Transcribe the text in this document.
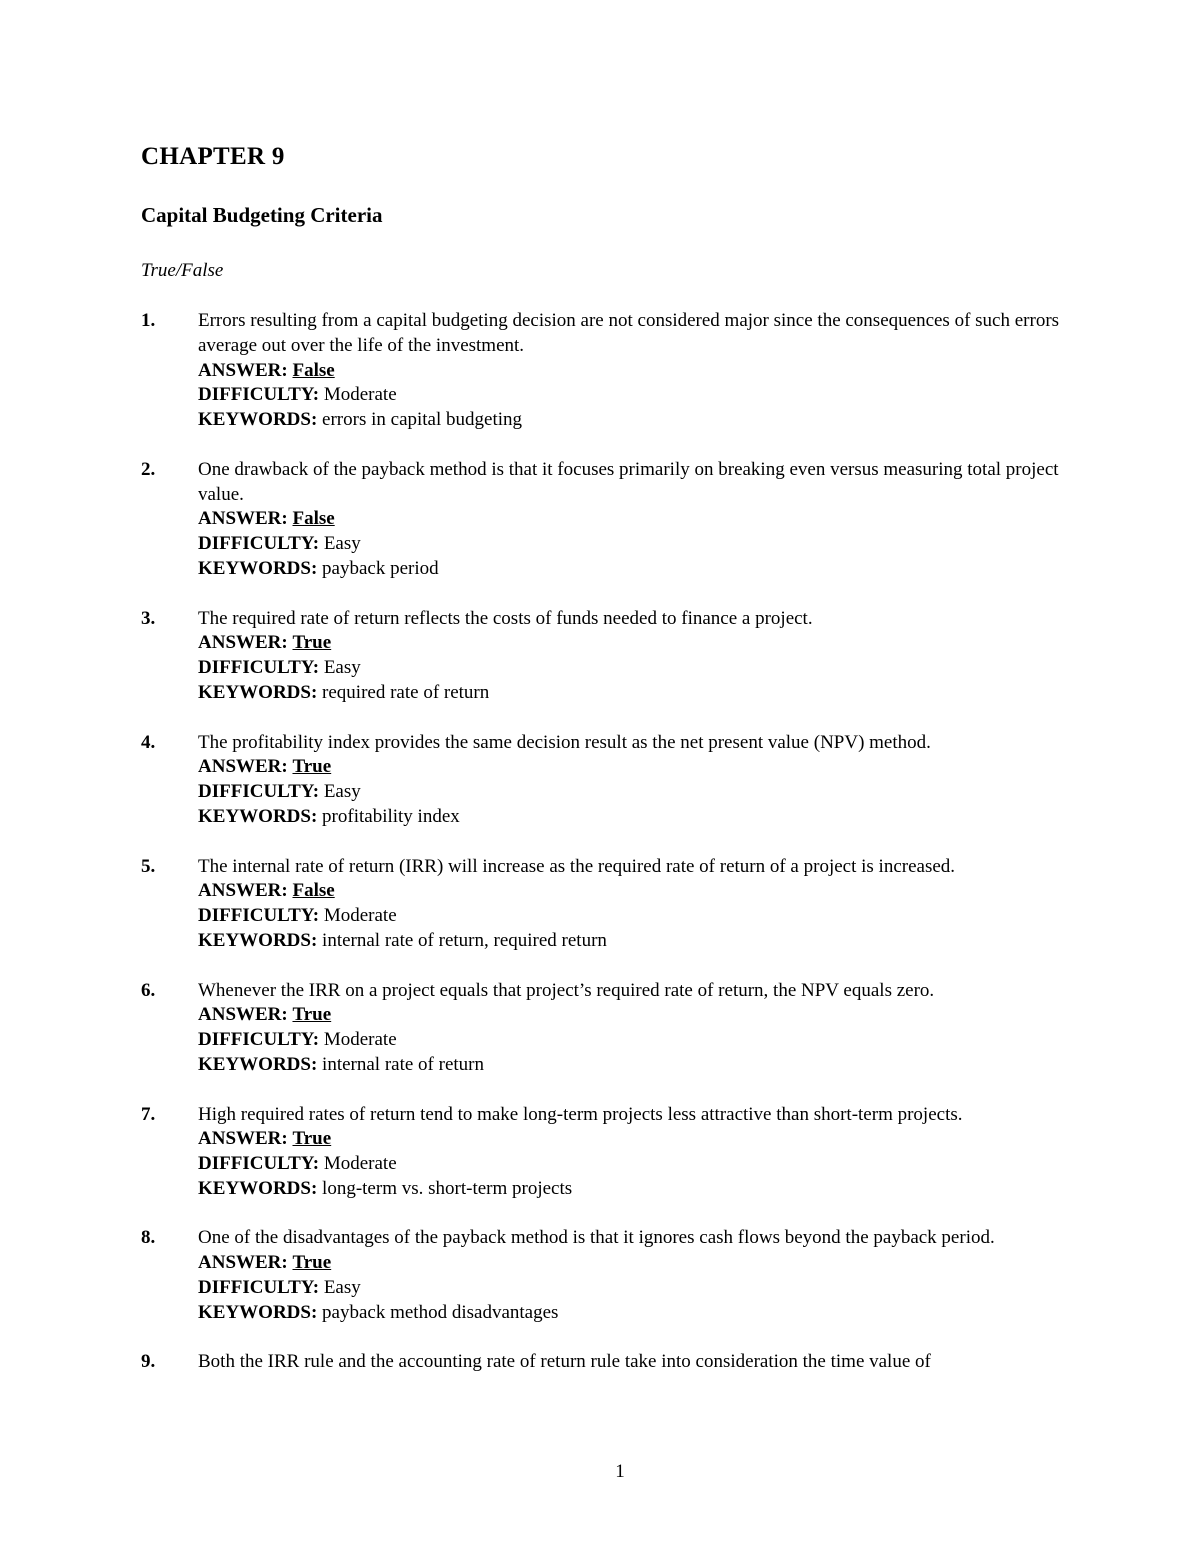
CHAPTER 9
Capital Budgeting Criteria
True/False
1. Errors resulting from a capital budgeting decision are not considered major since the consequences of such errors average out over the life of the investment.
ANSWER: False
DIFFICULTY: Moderate
KEYWORDS: errors in capital budgeting
2. One drawback of the payback method is that it focuses primarily on breaking even versus measuring total project value.
ANSWER: False
DIFFICULTY: Easy
KEYWORDS: payback period
3. The required rate of return reflects the costs of funds needed to finance a project.
ANSWER: True
DIFFICULTY: Easy
KEYWORDS: required rate of return
4. The profitability index provides the same decision result as the net present value (NPV) method.
ANSWER: True
DIFFICULTY: Easy
KEYWORDS: profitability index
5. The internal rate of return (IRR) will increase as the required rate of return of a project is increased.
ANSWER: False
DIFFICULTY: Moderate
KEYWORDS: internal rate of return, required return
6. Whenever the IRR on a project equals that project’s required rate of return, the NPV equals zero.
ANSWER: True
DIFFICULTY: Moderate
KEYWORDS: internal rate of return
7. High required rates of return tend to make long-term projects less attractive than short-term projects.
ANSWER: True
DIFFICULTY: Moderate
KEYWORDS: long-term vs. short-term projects
8. One of the disadvantages of the payback method is that it ignores cash flows beyond the payback period.
ANSWER: True
DIFFICULTY: Easy
KEYWORDS: payback method disadvantages
9. Both the IRR rule and the accounting rate of return rule take into consideration the time value of
1
